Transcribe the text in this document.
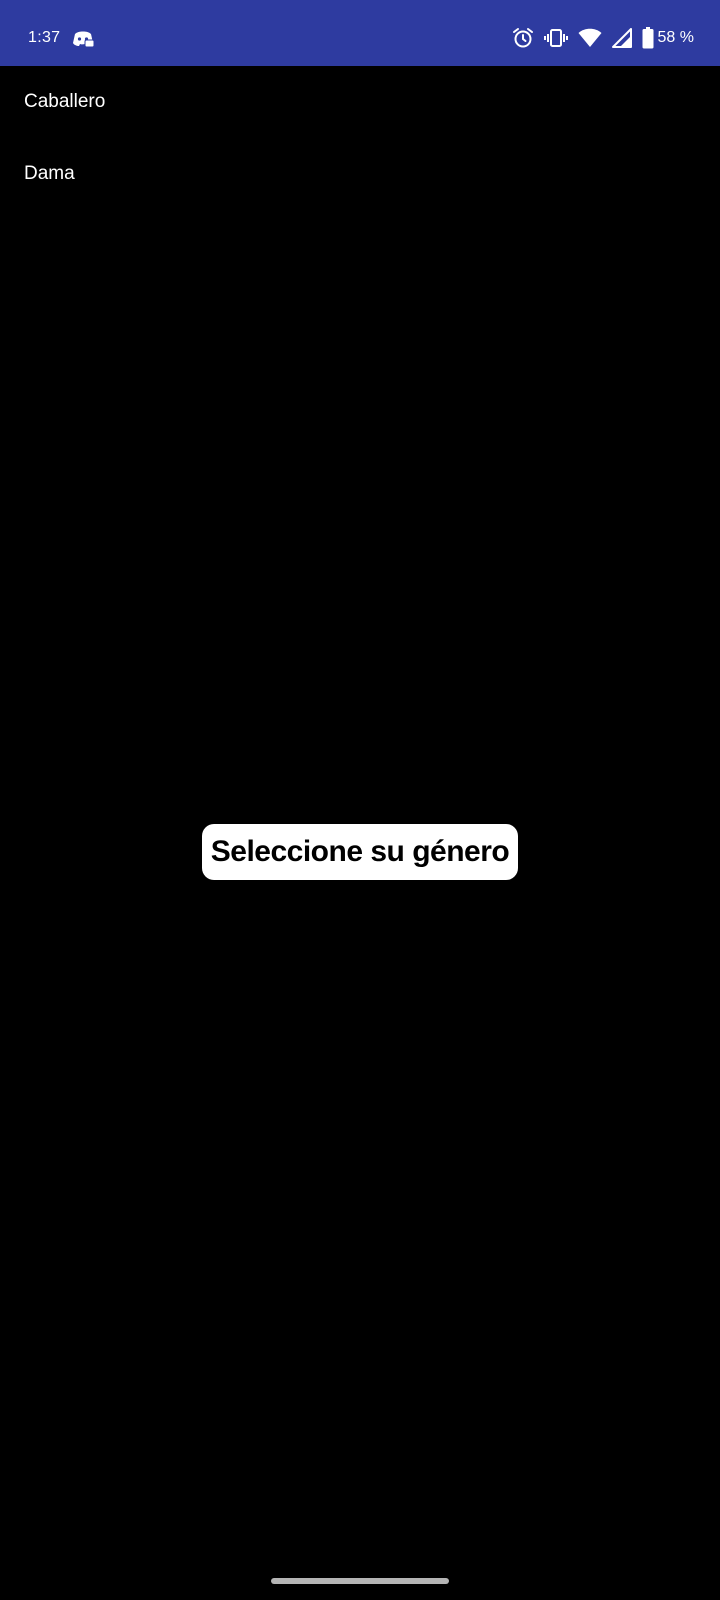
1:37	58 %
Caballero
Dama
Seleccione su género
